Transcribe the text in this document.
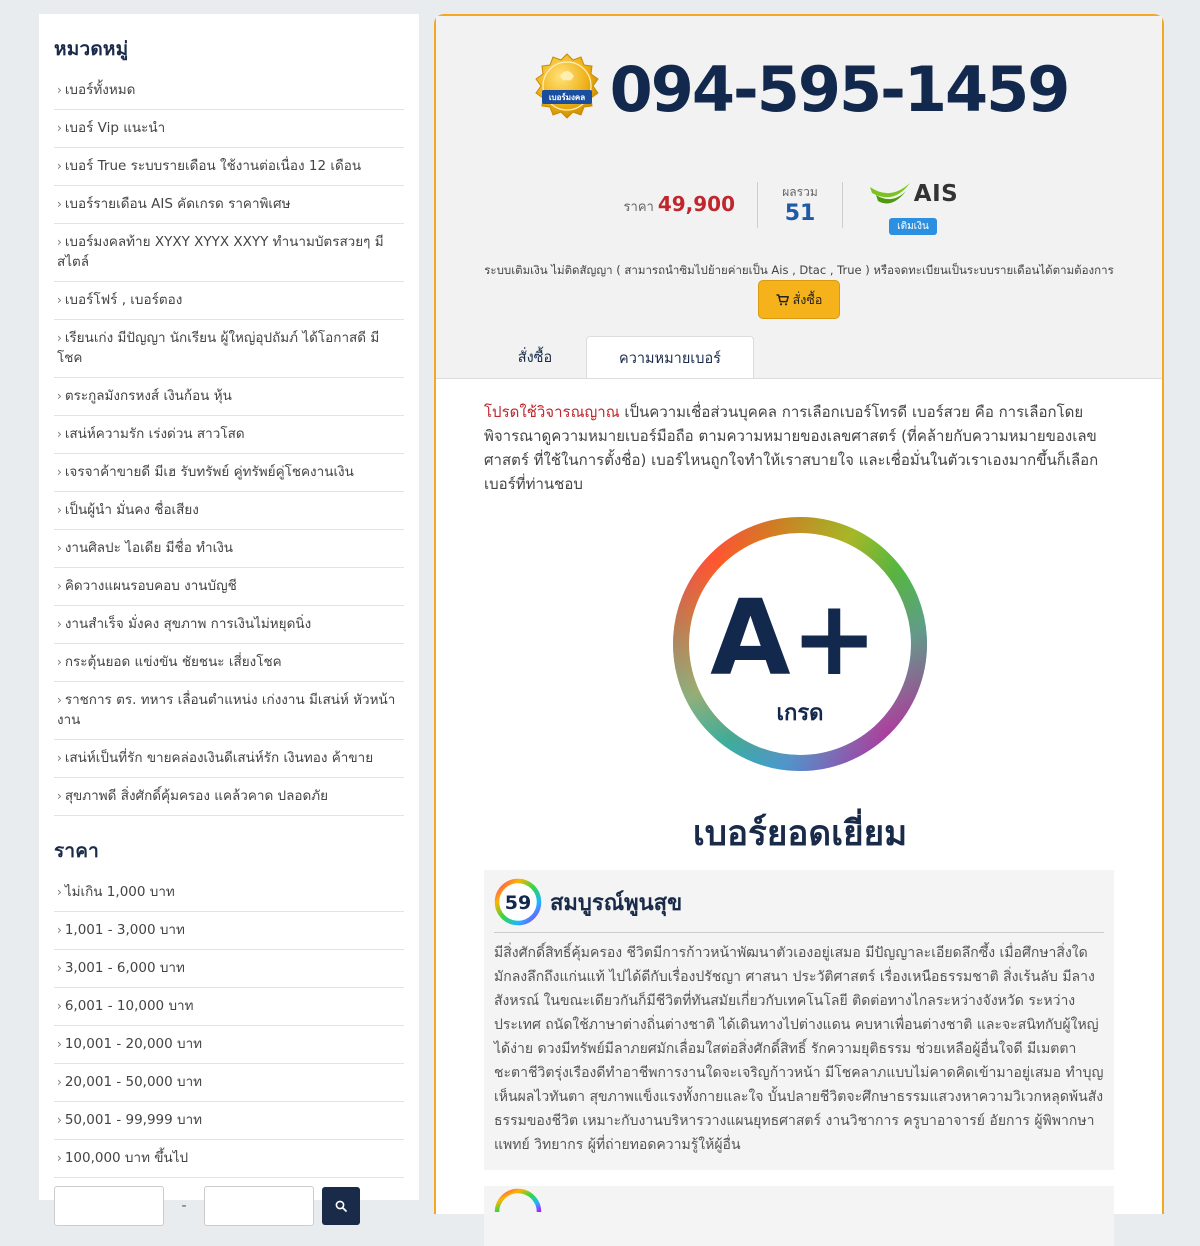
หมวดหมู่
› เบอร์ทั้งหมด
› เบอร์ Vip แนะนำ
› เบอร์ True ระบบรายเดือน ใช้งานต่อเนื่อง 12 เดือน
› เบอร์รายเดือน AIS คัดเกรด ราคาพิเศษ
› เบอร์มงคลท้าย XYXY XYYX XXYY ทำนามบัตรสวยๆ มีสไตล์
› เบอร์โฟร์ , เบอร์ตอง
› เรียนเก่ง มีปัญญา นักเรียน ผู้ใหญ่อุปถัมภ์ ได้โอกาสดี มีโชค
› ตระกูลมังกรหงส์ เงินก้อน หุ้น
› เสน่ห์ความรัก เร่งด่วน สาวโสด
› เจรจาค้าขายดี มีเฮ รับทรัพย์ คู่ทรัพย์คู่โชคงานเงิน
› เป็นผู้นำ มั่นคง ชื่อเสียง
› งานศิลปะ ไอเดีย มีชื่อ ทำเงิน
› คิดวางแผนรอบคอบ งานบัญชี
› งานสำเร็จ มั่งคง สุขภาพ การเงินไม่หยุดนิ่ง
› กระตุ้นยอด แข่งขัน ชัยชนะ เสี่ยงโชค
› ราชการ ตร. ทหาร เลื่อนตำแหน่ง เก่งงาน มีเสน่ห์ หัวหน้างาน
› เสน่ห์เป็นที่รัก ขายคล่องเงินดีเสน่ห์รัก เงินทอง ค้าขาย
› สุขภาพดี สิ่งศักดิ์คุ้มครอง แคล้วคาด ปลอดภัย
ราคา
› ไม่เกิน 1,000 บาท
› 1,001 - 3,000 บาท
› 3,001 - 6,000 บาท
› 6,001 - 10,000 บาท
› 10,001 - 20,000 บาท
› 20,001 - 50,000 บาท
› 50,001 - 99,999 บาท
› 100,000 บาท ขึ้นไป
-
เบอร์มงคล 094-595-1459
ราคา 49,900	ผลรวม
51
AIS
เติมเงิน
ระบบเติมเงิน ไม่ติดสัญญา ( สามารถนำซิมไปย้ายค่ายเป็น Ais , Dtac , True ) หรือจดทะเบียนเป็นระบบรายเดือนได้ตามต้องการ
สั่งซื้อ
สั่งซื้อ	ความหมายเบอร์

โปรดใช้วิจารณญาณ เป็นความเชื่อส่วนบุคคล การเลือกเบอร์โทรดี เบอร์สวย คือ การเลือกโดยพิจารณาดูความหมายเบอร์มือถือ ตามความหมายของเลขศาสตร์ (ที่คล้ายกับความหมายของเลขศาสตร์ ที่ใช้ในการตั้งชื่อ) เบอร์ไหนถูกใจทำให้เราสบายใจ และเชื่อมั่นในตัวเราเองมากขึ้นก็เลือกเบอร์ที่ท่านชอบ

A+
เกรด
เบอร์ยอดเยี่ยม
59 สมบูรณ์พูนสุข
มีสิ่งศักดิ์สิทธิ์คุ้มครอง ชีวิตมีการก้าวหน้าพัฒนาตัวเองอยู่เสมอ มีปัญญาละเอียดลึกซึ้ง เมื่อศึกษาสิ่งใดมักลงลึกถึงแก่นแท้ ไปได้ดีกับเรื่องปรัชญา ศาสนา ประวัติศาสตร์ เรื่องเหนือธรรมชาติ สิ่งเร้นลับ มีลางสังหรณ์ ในขณะเดียวกันก็มีชีวิตที่ทันสมัยเกี่ยวกับเทคโนโลยี ติดต่อทางไกลระหว่างจังหวัด ระหว่างประเทศ ถนัดใช้ภาษาต่างถิ่นต่างชาติ ได้เดินทางไปต่างแดน คบหาเพื่อนต่างชาติ และจะสนิทกับผู้ใหญ่ได้ง่าย ดวงมีทรัพย์มีลาภยศมักเลื่อมใสต่อสิ่งศักดิ์สิทธิ์ รักความยุติธรรม ช่วยเหลือผู้อื่นใจดี มีเมตตา ชะตาชีวิตรุ่งเรืองดีทำอาชีพการงานใดจะเจริญก้าวหน้า มีโชคลาภแบบไม่คาดคิดเข้ามาอยู่เสมอ ทำบุญเห็นผลไวทันตา สุขภาพแข็งแรงทั้งกายและใจ บั้นปลายชีวิตจะศึกษาธรรมแสวงหาความวิเวกหลุดพ้นสังธรรมของชีวิต เหมาะกับงานบริหารวางแผนยุทธศาสตร์ งานวิชาการ ครูบาอาจารย์ อัยการ ผู้พิพากษา แพทย์ วิทยากร ผู้ที่ถ่ายทอดความรู้ให้ผู้อื่น
